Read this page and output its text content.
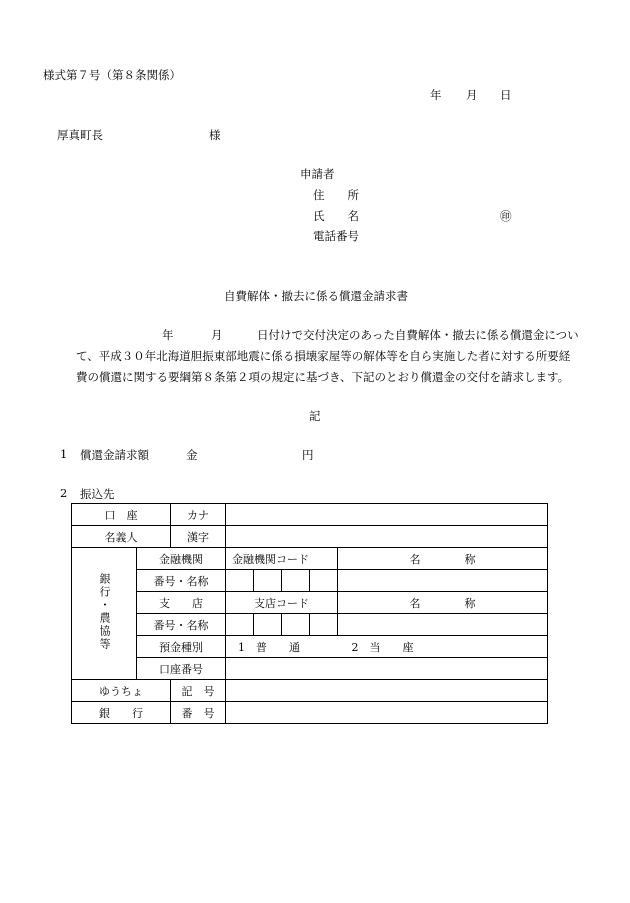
様式第７号（第８条関係）
年 月 日
厚真町長	様
申請者
住　　所
氏　　名	㊞
電話番号
自費解体・撤去に係る償還金請求書
年	月	日付けで交付決定のあった自費解体・撤去に係る償還金につい
て、平成３０年北海道胆振東部地震に係る損壊家屋等の解体等を自ら実施した者に対する所要経
費の償還に関する要綱第８条第２項の規定に基づき、下記のとおり償還金の交付を請求します。
記
1 償還金請求額	金	円
2 振込先
口　座		カナ					
名義人		漢字					
銀行・農協等	金融機関		金融機関コード				名　　　　称
	番号・名称						
	支　　店		支店コード				名　　　　称
	番号・名称						
	預金種別		1　普　　通 2　当　　座				
	口座番号						
ゆうちょ		記　号					
銀　　行		番　号					
